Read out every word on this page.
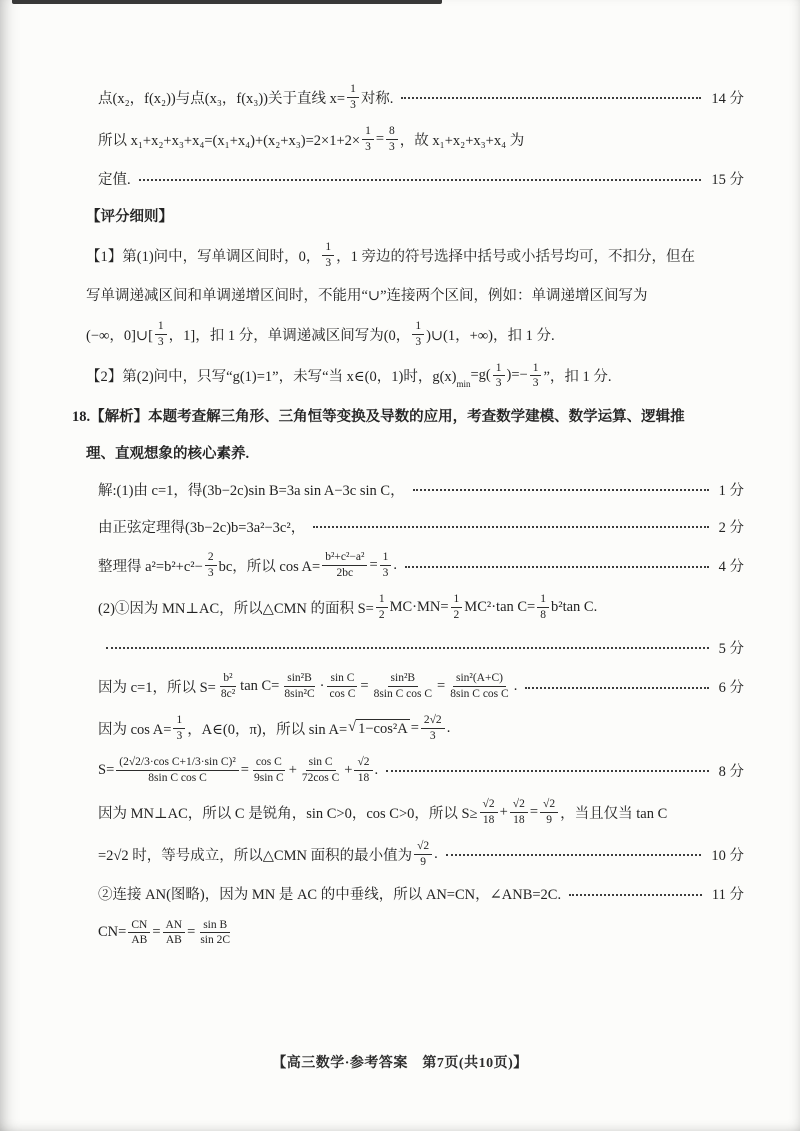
点(x₂，f(x₂))与点(x₃，f(x₃))关于直线 $x= \frac{1}{3}$ 对称.	14 分
所以 $x_1+x_2+x_3+x_4=(x_1+x_4)+(x_2+x_3)=2\times 1+2\times \frac{1}{3} = \frac{8}{3}$ ，故 x₁+x₂+x₃+x₄ 为
定值.	15 分
【评分细则】
【1】第(1)问中，写单调区间时，0， $\frac{1}{3}$ ，1 旁边的符号选择中括号或小括号均可，不扣分，但在
写单调递减区间和单调递增区间时，不能用“∪”连接两个区间，例如：单调递增区间写为
(−∞，0]∪[ $\frac{1}{3}$ ，1]，扣 1 分，单调递减区间写为(0， $\frac{1}{3}$ )∪(1，+∞)，扣 1 分.
【2】第(2)问中，只写“g(1)=1”，未写“当 x∈(0，1)时，g(x) min
$=g( \frac{1}{3}$ )=− $\frac{1}{3}$ ”，扣 1 分.
18.【解析】本题考查解三角形、三角恒等变换及导数的应用，考查数学建模、数学运算、逻辑推
理、直观想象的核心素养.
解:(1)由 c=1，得(3b−2c)sin B=3a sin A−3c sin C，	1 分
由正弦定理得(3b−2c)b=3a²−3c²，	2 分
整理得 $a^2=b^2+c^2- \frac{2}{3}$ bc，所以 $\cos A= \frac{\text{b²+c²−a²}}{2bc} = \frac{1}{3}$ .	4 分
(2)①因为 MN⊥AC，所以△CMN 的面积 $S= \frac{1}{2} MC\cdot MN= \frac{1}{2} MC^2\cdot\tan$ $C= \frac{1}{8} b^2\tan$ C.
5 分
因为 c=1，所以 $S= \frac{\text{b²}}{\text{8c²}}$ $\tan C= \frac{\text{sin²B}}{\text{8sin²C}} \cdot \frac{\text{sin C}}{\text{cos C}} = \frac{\text{sin²B}}{\text{8sin C cos C}} = \frac{\text{sin²(A+C)}}{\text{8sin C cos C}}$ .	6 分
因为 $\cos A= \frac{1}{3}$ ，A∈(0，π)，所以 sin A= √ $1-\cos^2A = \frac{2√2}{3}$ .
$S= \frac{\text{(2√2/3·cos C+1/3·sin C)²}}{\text{8sin C cos C}} = \frac{\text{cos C}}{\text{9sin C}} + \frac{\text{sin C}}{\text{72cos C}} + \frac{√2}{18}$ .	8 分
因为 MN⊥AC，所以 C 是锐角，sin C>0，cos C>0，所以 $S\ge \frac{√2}{18} + \frac{√2}{18} = \frac{√2}{9}$ ，当且仅当 tan C
=2√2 时，等号成立，所以△CMN 面积的最小值为 $\frac{√2}{9}$ .	10 分
②连接 AN(图略)，因为 MN 是 AC 的中垂线，所以 AN=CN，∠ANB=2C.	11 分
$CN= \frac{CN}{AB} = \frac{AN}{AB} = \frac{\text{sin B}}{\sin 2C}$
【高三数学·参考答案　第7页(共10页)】
